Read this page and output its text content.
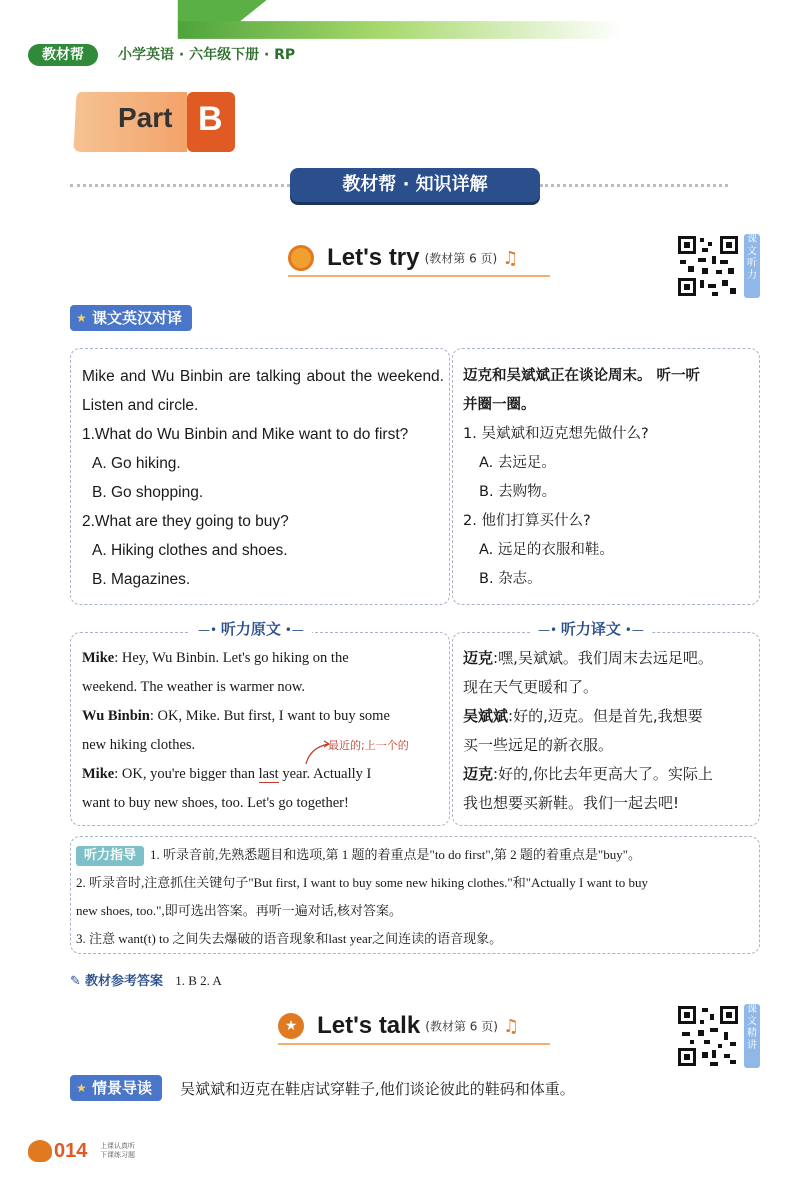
教材帮	小学英语 · 六年级下册 · RP
Part B
教材帮 · 知识详解
Let's try (教材第 6 页) ♫
课文听力
★ 课文英汉对译
Mike and Wu Binbin are talking about the weekend. Listen and circle.
1.What do Wu Binbin and Mike want to do first?
A. Go hiking.
B. Go shopping.
2.What are they going to buy?
A. Hiking clothes and shoes.
B. Magazines.
迈克和吴斌斌正在谈论周末。 听一听
并圈一圈。
1. 吴斌斌和迈克想先做什么?
A. 去远足。
B. 去购物。
2. 他们打算买什么?
A. 远足的衣服和鞋。
B. 杂志。
—• 听力原文 •—	—• 听力译文 •—
Mike: Hey, Wu Binbin. Let's go hiking on the
weekend. The weather is warmer now.
Wu Binbin: OK, Mike. But first, I want to buy some
new hiking clothes.
Mike: OK, you're bigger than last year. Actually I
want to buy new shoes, too. Let's go together!
最近的;上一个的
迈克:嘿,吴斌斌。我们周末去远足吧。
现在天气更暖和了。
吴斌斌:好的,迈克。但是首先,我想要
买一些远足的新衣服。
迈克:好的,你比去年更高大了。实际上
我也想要买新鞋。我们一起去吧!
听力指导 1. 听录音前,先熟悉题目和选项,第 1 题的着重点是"to do first",第 2 题的着重点是"buy"。
2. 听录音时,注意抓住关键句子"But first, I want to buy some new hiking clothes."和"Actually I want to buy
new shoes, too.",即可选出答案。再听一遍对话,核对答案。
3. 注意 want(t) to 之间失去爆破的语音现象和last year之间连读的语音现象。
✎ 教材参考答案 1. B 2. A
★ Let's talk (教材第 6 页) ♫
课文精讲
★ 情景导读	吴斌斌和迈克在鞋店试穿鞋子,他们谈论彼此的鞋码和体重。
014 上课认真听
下课练习题
